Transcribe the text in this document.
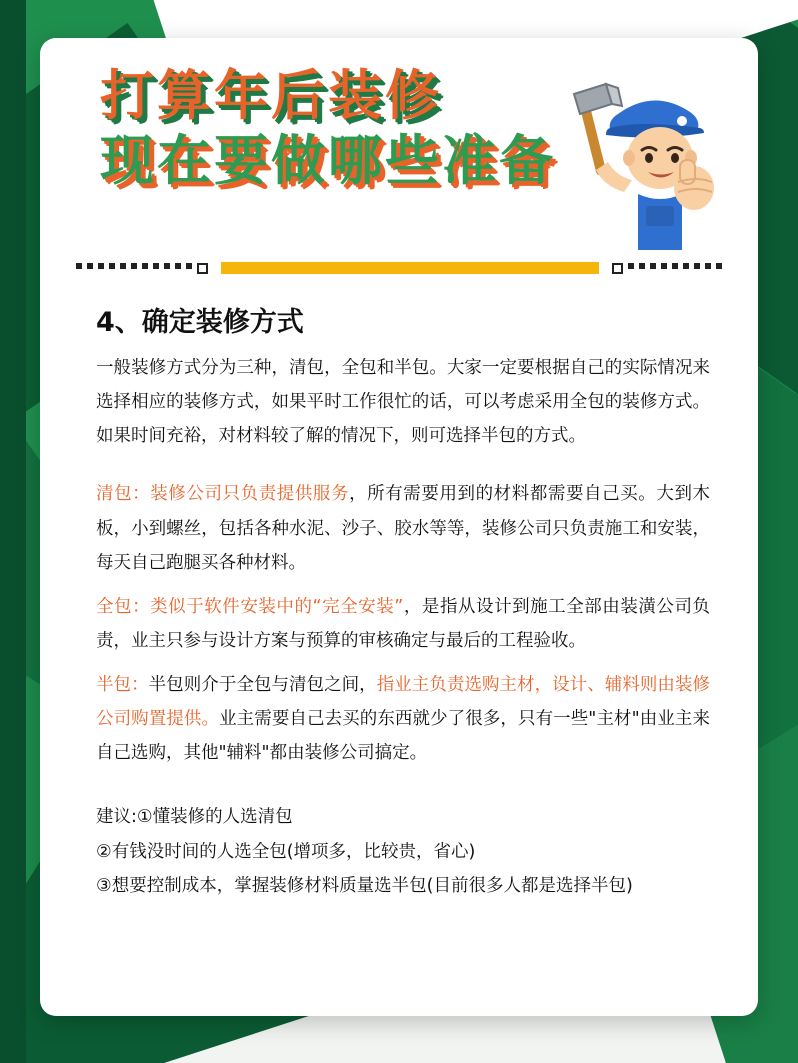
打算年后装修
现在要做哪些准备
4、确定装修方式

一般装修方式分为三种，清包，全包和半包。大家一定要根据自己的实际情况来选择相应的装修方式，如果平时工作很忙的话，可以考虑采用全包的装修方式。如果时间充裕，对材料较了解的情况下，则可选择半包的方式。

清包：装修公司只负责提供服务，所有需要用到的材料都需要自己买。大到木板，小到螺丝，包括各种水泥、沙子、胶水等等，装修公司只负责施工和安装，每天自己跑腿买各种材料。

全包：类似于软件安装中的“完全安装”，是指从设计到施工全部由装潢公司负责，业主只参与设计方案与预算的审核确定与最后的工程验收。

半包：半包则介于全包与清包之间，指业主负责选购主材，设计、辅料则由装修公司购置提供。业主需要自己去买的东西就少了很多，只有一些"主材"由业主来自己选购，其他"辅料"都由装修公司搞定。

建议:①懂装修的人选清包
②有钱没时间的人选全包(增项多，比较贵，省心)
③想要控制成本，掌握装修材料质量选半包(目前很多人都是选择半包)
